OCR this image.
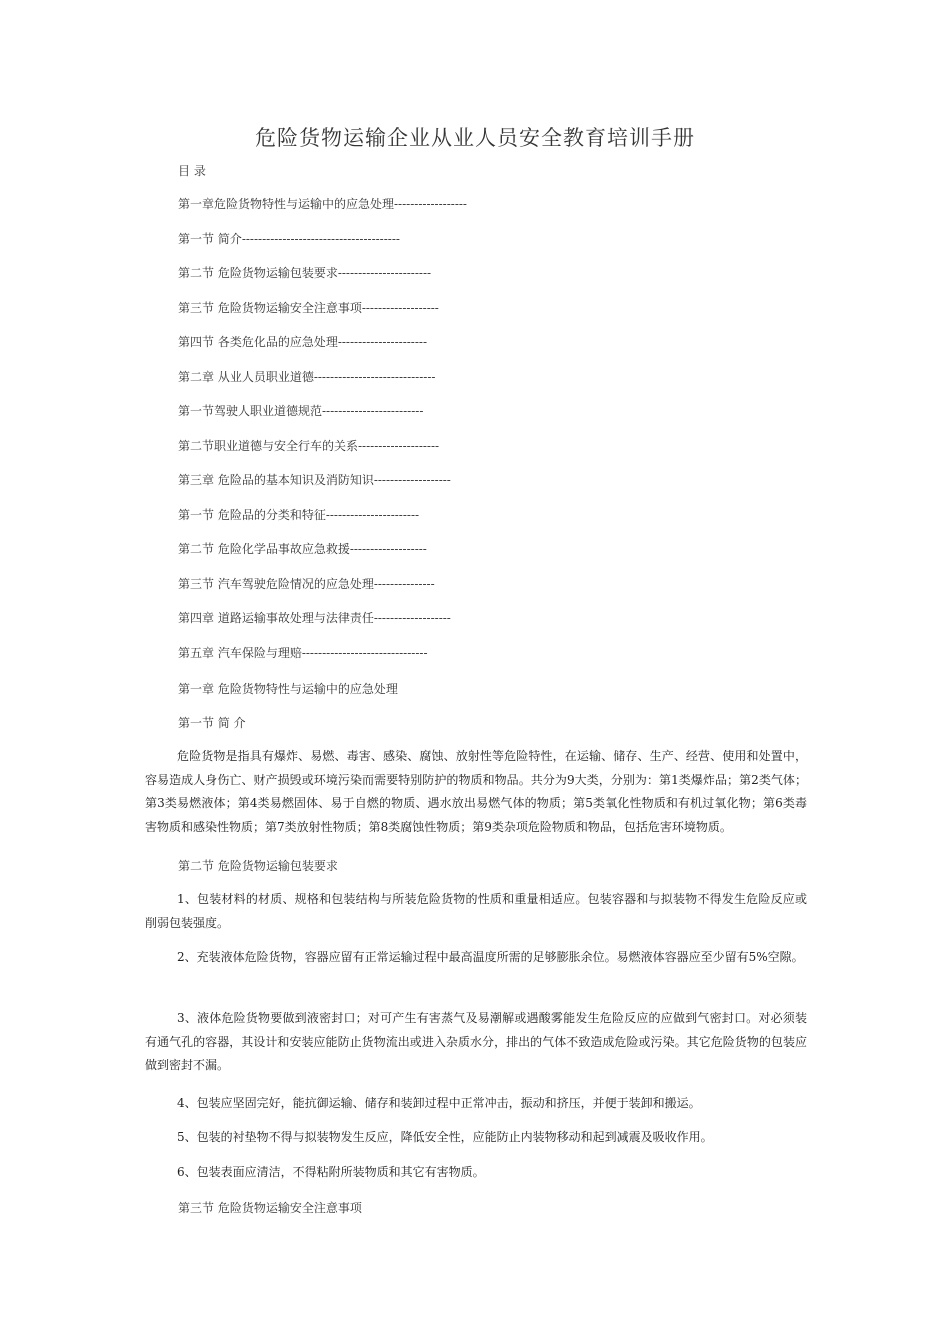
危险货物运输企业从业人员安全教育培训手册
目 录
第一章危险货物特性与运输中的应急处理------------------
第一节 简介---------------------------------------
第二节 危险货物运输包装要求-----------------------
第三节 危险货物运输安全注意事项-------------------
第四节 各类危化品的应急处理----------------------
第二章 从业人员职业道德------------------------------
第一节驾驶人职业道德规范-------------------------
第二节职业道德与安全行车的关系--------------------
第三章 危险品的基本知识及消防知识-------------------
第一节 危险品的分类和特征-----------------------
第二节 危险化学品事故应急救援-------------------
第三节 汽车驾驶危险情况的应急处理---------------
第四章 道路运输事故处理与法律责任-------------------
第五章 汽车保险与理赔-------------------------------
第一章 危险货物特性与运输中的应急处理
第一节 简 介

危险货物是指具有爆炸、易燃、毒害、感染、腐蚀、放射性等危险特性，在运输、储存、生产、经营、使用和处置中，容易造成人身伤亡、财产损毁或环境污染而需要特别防护的物质和物品。共分为9大类，分别为：第1类爆炸品；第2类气体；第3类易燃液体；第4类易燃固体、易于自燃的物质、遇水放出易燃气体的物质；第5类氧化性物质和有机过氧化物；第6类毒害物质和感染性物质；第7类放射性物质；第8类腐蚀性物质；第9类杂项危险物质和物品，包括危害环境物质。

第二节 危险货物运输包装要求

1、包装材料的材质、规格和包装结构与所装危险货物的性质和重量相适应。包装容器和与拟装物不得发生危险反应或削弱包装强度。

2、充装液体危险货物，容器应留有正常运输过程中最高温度所需的足够膨胀余位。易燃液体容器应至少留有5%空隙。

3、液体危险货物要做到液密封口；对可产生有害蒸气及易潮解或遇酸雾能发生危险反应的应做到气密封口。对必须装有通气孔的容器，其设计和安装应能防止货物流出或进入杂质水分，排出的气体不致造成危险或污染。其它危险货物的包装应做到密封不漏。

4、包装应坚固完好，能抗御运输、储存和装卸过程中正常冲击，振动和挤压，并便于装卸和搬运。

5、包装的衬垫物不得与拟装物发生反应，降低安全性，应能防止内装物移动和起到减震及吸收作用。

6、包装表面应清洁，不得粘附所装物质和其它有害物质。

第三节 危险货物运输安全注意事项
